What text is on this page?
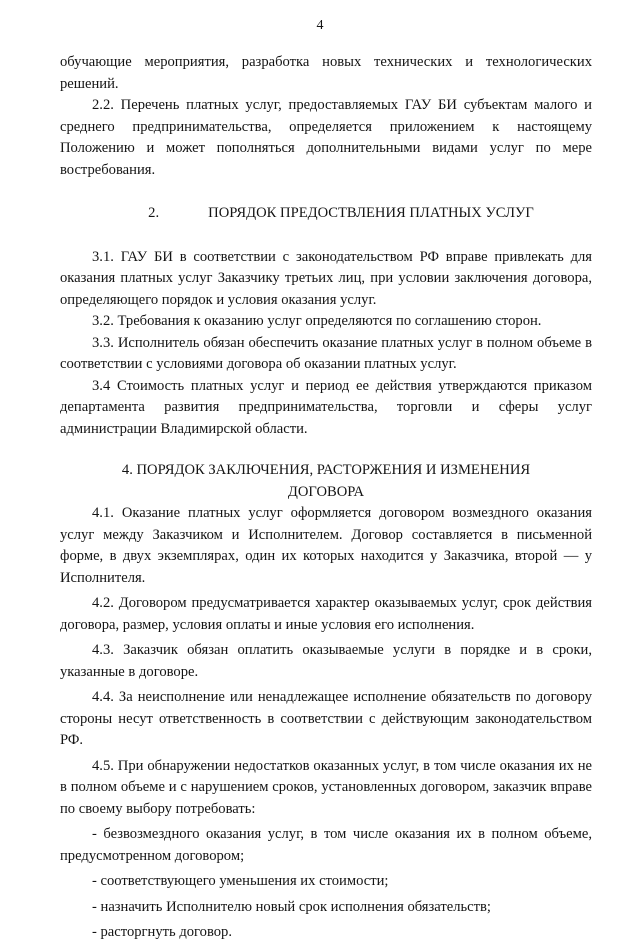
4

обучающие мероприятия, разработка новых технических и технологических решений.

2.2. Перечень платных услуг, предоставляемых ГАУ БИ субъектам малого и среднего предпринимательства, определяется приложением к настоящему Положению и может пополняться дополнительными видами услуг по мере востребования.

2.	ПОРЯДОК ПРЕДОСТВЛЕНИЯ ПЛАТНЫХ УСЛУГ

3.1. ГАУ БИ в соответствии с законодательством РФ вправе привлекать для оказания платных услуг Заказчику третьих лиц, при условии заключения договора, определяющего порядок и условия оказания услуг.

3.2. Требования к оказанию услуг определяются по соглашению сторон.

3.3. Исполнитель обязан обеспечить оказание платных услуг в полном объеме в соответствии с условиями договора об оказании платных услуг.

3.4 Стоимость платных услуг и период ее действия утверждаются приказом департамента развития предпринимательства, торговли и сферы услуг администрации Владимирской области.

4. ПОРЯДОК ЗАКЛЮЧЕНИЯ, РАСТОРЖЕНИЯ И ИЗМЕНЕНИЯ
ДОГОВОРА

4.1. Оказание платных услуг оформляется договором возмездного оказания услуг между Заказчиком и Исполнителем. Договор составляется в письменной форме, в двух экземплярах, один их которых находится у Заказчика, второй — у Исполнителя.

4.2. Договором предусматривается характер оказываемых услуг, срок действия договора, размер, условия оплаты и иные условия его исполнения.

4.3. Заказчик обязан оплатить оказываемые услуги в порядке и в сроки, указанные в договоре.

4.4. За неисполнение или ненадлежащее исполнение обязательств по договору стороны несут ответственность в соответствии с действующим законодательством РФ.

4.5. При обнаружении недостатков оказанных услуг, в том числе оказания их не в полном объеме и с нарушением сроков, установленных договором, заказчик вправе по своему выбору потребовать:

- безвозмездного оказания услуг, в том числе оказания их в полном объеме, предусмотренном договором;

- соответствующего уменьшения их стоимости;

- назначить Исполнителю новый срок исполнения обязательств;

- расторгнуть договор.
